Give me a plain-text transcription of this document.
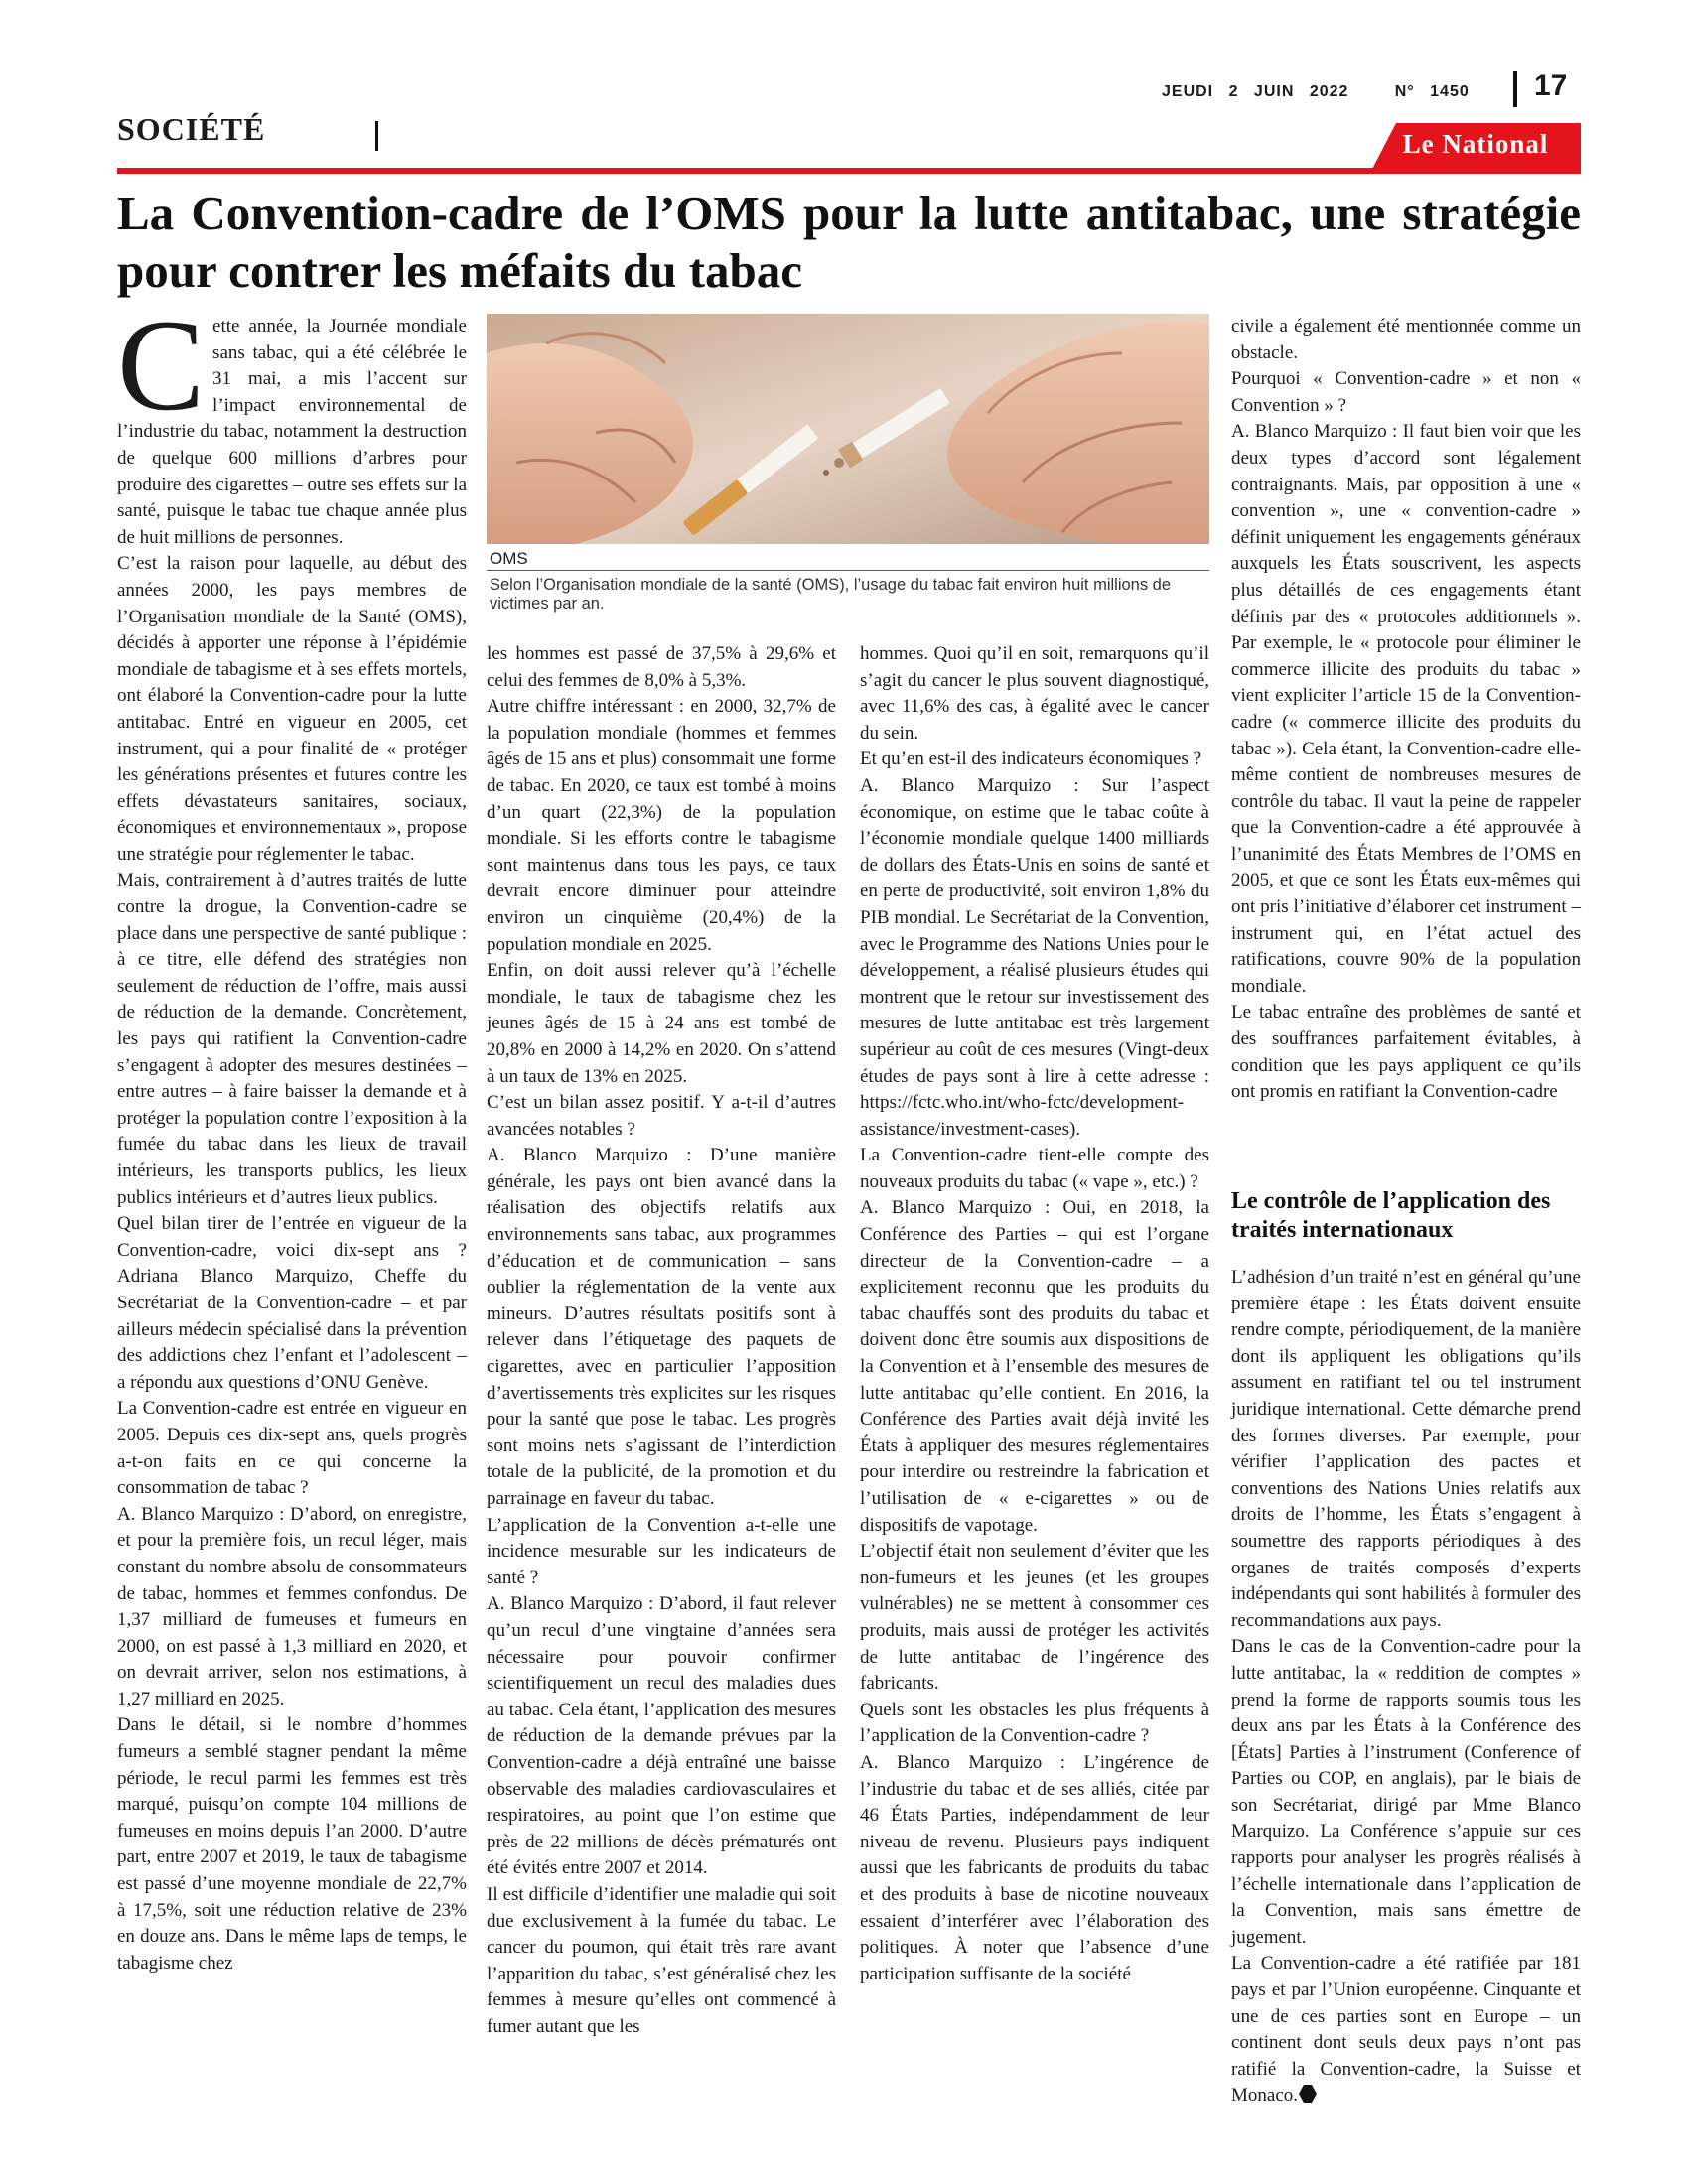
JEUDI 2 JUIN 2022	N° 1450 17
SOCIÉTÉ	Le National
La Convention-cadre de l’OMS pour la lutte antitabac, une stratégie pour contrer les méfaits du tabac
OMS
Selon l’Organisation mondiale de la santé (OMS), l’usage du tabac fait environ huit millions de victimes par an.

Cette année, la Journée mondiale sans tabac, qui a été célébrée le 31 mai, a mis l’accent sur l’impact environnemental de l’industrie du tabac, notamment la destruction de quelque 600 millions d’arbres pour produire des cigarettes – outre ses effets sur la santé, puisque le tabac tue chaque année plus de huit millions de personnes.

C’est la raison pour laquelle, au début des années 2000, les pays membres de l’Organisation mondiale de la Santé (OMS), décidés à apporter une réponse à l’épidémie mondiale de tabagisme et à ses effets mortels, ont élaboré la Convention-cadre pour la lutte antitabac. Entré en vigueur en 2005, cet instrument, qui a pour finalité de « protéger les générations présentes et futures contre les effets dévastateurs sanitaires, sociaux, économiques et environnementaux », propose une stratégie pour réglementer le tabac.

Mais, contrairement à d’autres traités de lutte contre la drogue, la Convention-cadre se place dans une perspective de santé publique : à ce titre, elle défend des stratégies non seulement de réduction de l’offre, mais aussi de réduction de la demande. Concrètement, les pays qui ratifient la Convention-cadre s’engagent à adopter des mesures destinées – entre autres – à faire baisser la demande et à protéger la population contre l’exposition à la fumée du tabac dans les lieux de travail intérieurs, les transports publics, les lieux publics intérieurs et d’autres lieux publics.

Quel bilan tirer de l’entrée en vigueur de la Convention-cadre, voici dix-sept ans ? Adriana Blanco Marquizo, Cheffe du Secrétariat de la Convention-cadre – et par ailleurs médecin spécialisé dans la prévention des addictions chez l’enfant et l’adolescent – a répondu aux questions d’ONU Genève.

La Convention-cadre est entrée en vigueur en 2005. Depuis ces dix-sept ans, quels progrès a-t-on faits en ce qui concerne la consommation de tabac ?

A. Blanco Marquizo : D’abord, on enregistre, et pour la première fois, un recul léger, mais constant du nombre absolu de consommateurs de tabac, hommes et femmes confondus. De 1,37 milliard de fumeuses et fumeurs en 2000, on est passé à 1,3 milliard en 2020, et on devrait arriver, selon nos estimations, à 1,27 milliard en 2025.

Dans le détail, si le nombre d’hommes fumeurs a semblé stagner pendant la même période, le recul parmi les femmes est très marqué, puisqu’on compte 104 millions de fumeuses en moins depuis l’an 2000. D’autre part, entre 2007 et 2019, le taux de tabagisme est passé d’une moyenne mondiale de 22,7% à 17,5%, soit une réduction relative de 23% en douze ans. Dans le même laps de temps, le tabagisme chez

les hommes est passé de 37,5% à 29,6% et celui des femmes de 8,0% à 5,3%.

Autre chiffre intéressant : en 2000, 32,7% de la population mondiale (hommes et femmes âgés de 15 ans et plus) consommait une forme de tabac. En 2020, ce taux est tombé à moins d’un quart (22,3%) de la population mondiale. Si les efforts contre le tabagisme sont maintenus dans tous les pays, ce taux devrait encore diminuer pour atteindre environ un cinquième (20,4%) de la population mondiale en 2025.

Enfin, on doit aussi relever qu’à l’échelle mondiale, le taux de tabagisme chez les jeunes âgés de 15 à 24 ans est tombé de 20,8% en 2000 à 14,2% en 2020. On s’attend à un taux de 13% en 2025.

C’est un bilan assez positif. Y a-t-il d’autres avancées notables ?

A. Blanco Marquizo : D’une manière générale, les pays ont bien avancé dans la réalisation des objectifs relatifs aux environnements sans tabac, aux programmes d’éducation et de communication – sans oublier la réglementation de la vente aux mineurs. D’autres résultats positifs sont à relever dans l’étiquetage des paquets de cigarettes, avec en particulier l’apposition d’avertissements très explicites sur les risques pour la santé que pose le tabac. Les progrès sont moins nets s’agissant de l’interdiction totale de la publicité, de la promotion et du parrainage en faveur du tabac.

L’application de la Convention a-t-elle une incidence mesurable sur les indicateurs de santé ?

A. Blanco Marquizo : D’abord, il faut relever qu’un recul d’une vingtaine d’années sera nécessaire pour pouvoir confirmer scientifiquement un recul des maladies dues au tabac. Cela étant, l’application des mesures de réduction de la demande prévues par la Convention-cadre a déjà entraîné une baisse observable des maladies cardiovasculaires et respiratoires, au point que l’on estime que près de 22 millions de décès prématurés ont été évités entre 2007 et 2014.

Il est difficile d’identifier une maladie qui soit due exclusivement à la fumée du tabac. Le cancer du poumon, qui était très rare avant l’apparition du tabac, s’est généralisé chez les femmes à mesure qu’elles ont commencé à fumer autant que les

hommes. Quoi qu’il en soit, remarquons qu’il s’agit du cancer le plus souvent diagnostiqué, avec 11,6% des cas, à égalité avec le cancer du sein.

Et qu’en est-il des indicateurs économiques ?

A. Blanco Marquizo : Sur l’aspect économique, on estime que le tabac coûte à l’économie mondiale quelque 1400 milliards de dollars des États-Unis en soins de santé et en perte de productivité, soit environ 1,8% du PIB mondial. Le Secrétariat de la Convention, avec le Programme des Nations Unies pour le développement, a réalisé plusieurs études qui montrent que le retour sur investissement des mesures de lutte antitabac est très largement supérieur au coût de ces mesures (Vingt-deux études de pays sont à lire à cette adresse : https://fctc.who.int/who-fctc/development-assistance/investment-cases).

La Convention-cadre tient-elle compte des nouveaux produits du tabac (« vape », etc.) ?

A. Blanco Marquizo : Oui, en 2018, la Conférence des Parties – qui est l’organe directeur de la Convention-cadre – a explicitement reconnu que les produits du tabac chauffés sont des produits du tabac et doivent donc être soumis aux dispositions de la Convention et à l’ensemble des mesures de lutte antitabac qu’elle contient. En 2016, la Conférence des Parties avait déjà invité les États à appliquer des mesures réglementaires pour interdire ou restreindre la fabrication et l’utilisation de « e-cigarettes » ou de dispositifs de vapotage.

L’objectif était non seulement d’éviter que les non-fumeurs et les jeunes (et les groupes vulnérables) ne se mettent à consommer ces produits, mais aussi de protéger les activités de lutte antitabac de l’ingérence des fabricants.

Quels sont les obstacles les plus fréquents à l’application de la Convention-cadre ?

A. Blanco Marquizo : L’ingérence de l’industrie du tabac et de ses alliés, citée par 46 États Parties, indépendamment de leur niveau de revenu. Plusieurs pays indiquent aussi que les fabricants de produits du tabac et des produits à base de nicotine nouveaux essaient d’interférer avec l’élaboration des politiques. À noter que l’absence d’une participation suffisante de la société

civile a également été mentionnée comme un obstacle.

Pourquoi « Convention-cadre » et non « Convention » ?

A. Blanco Marquizo : Il faut bien voir que les deux types d’accord sont légalement contraignants. Mais, par opposition à une « convention », une « convention-cadre » définit uniquement les engagements généraux auxquels les États souscrivent, les aspects plus détaillés de ces engagements étant définis par des « protocoles additionnels ». Par exemple, le « protocole pour éliminer le commerce illicite des produits du tabac » vient expliciter l’article 15 de la Convention-cadre (« commerce illicite des produits du tabac »). Cela étant, la Convention-cadre elle-même contient de nombreuses mesures de contrôle du tabac. Il vaut la peine de rappeler que la Convention-cadre a été approuvée à l’unanimité des États Membres de l’OMS en 2005, et que ce sont les États eux-mêmes qui ont pris l’initiative d’élaborer cet instrument – instrument qui, en l’état actuel des ratifications, couvre 90% de la population mondiale.

Le tabac entraîne des problèmes de santé et des souffrances parfaitement évitables, à condition que les pays appliquent ce qu’ils ont promis en ratifiant la Convention-cadre

Le contrôle de l’application des traités internationaux

L’adhésion d’un traité n’est en général qu’une première étape : les États doivent ensuite rendre compte, périodiquement, de la manière dont ils appliquent les obligations qu’ils assument en ratifiant tel ou tel instrument juridique international. Cette démarche prend des formes diverses. Par exemple, pour vérifier l’application des pactes et conventions des Nations Unies relatifs aux droits de l’homme, les États s’engagent à soumettre des rapports périodiques à des organes de traités composés d’experts indépendants qui sont habilités à formuler des recommandations aux pays.

Dans le cas de la Convention-cadre pour la lutte antitabac, la « reddition de comptes » prend la forme de rapports soumis tous les deux ans par les États à la Conférence des [États] Parties à l’instrument (Conference of Parties ou COP, en anglais), par le biais de son Secrétariat, dirigé par Mme Blanco Marquizo. La Conférence s’appuie sur ces rapports pour analyser les progrès réalisés à l’échelle internationale dans l’application de la Convention, mais sans émettre de jugement.

La Convention-cadre a été ratifiée par 181 pays et par l’Union européenne. Cinquante et une de ces parties sont en Europe – un continent dont seuls deux pays n’ont pas ratifié la Convention-cadre, la Suisse et Monaco.
